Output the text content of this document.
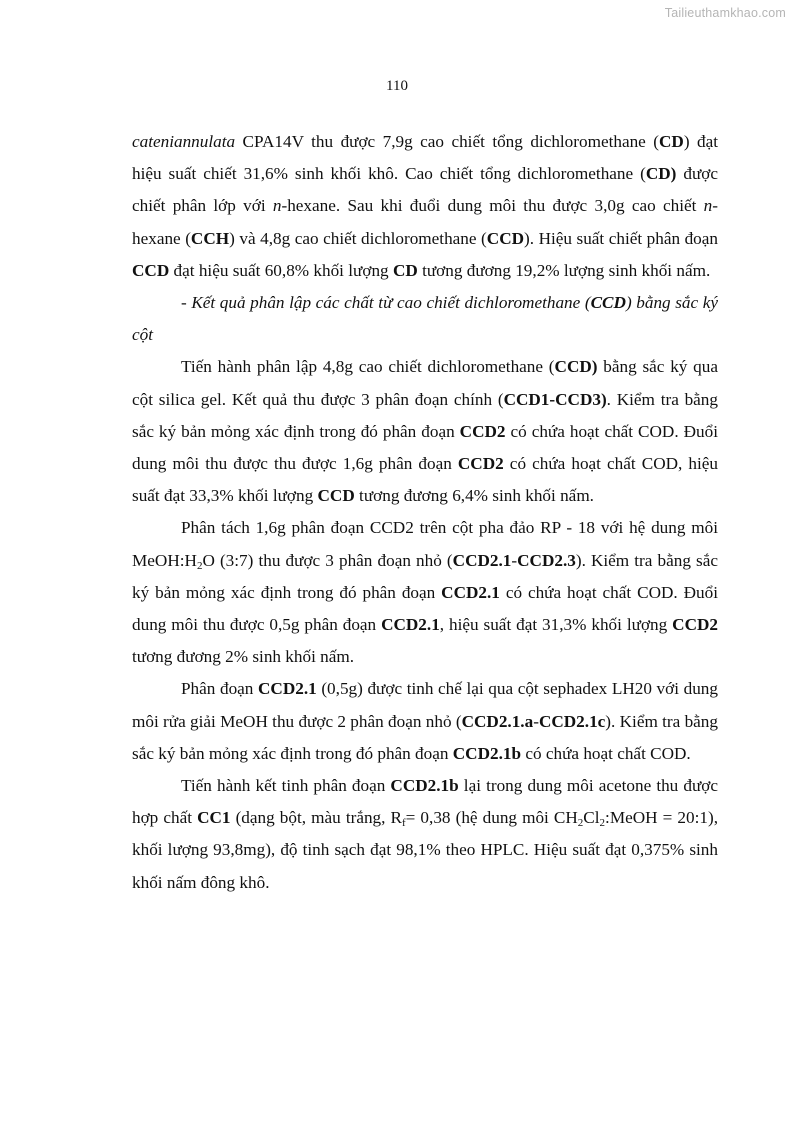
Tailieuthamkhao.com
110

cateniannulata CPA14V thu được 7,9g cao chiết tổng dichloromethane (CD) đạt hiệu suất chiết 31,6% sinh khối khô. Cao chiết tổng dichloromethane (CD) được chiết phân lớp với n-hexane. Sau khi đuổi dung môi thu được 3,0g cao chiết n-hexane (CCH) và 4,8g cao chiết dichloromethane (CCD). Hiệu suất chiết phân đoạn CCD đạt hiệu suất 60,8% khối lượng CD tương đương 19,2% lượng sinh khối nấm.

- Kết quả phân lập các chất từ cao chiết dichloromethane (CCD) bằng sắc ký cột

Tiến hành phân lập 4,8g cao chiết dichloromethane (CCD) bằng sắc ký qua cột silica gel. Kết quả thu được 3 phân đoạn chính (CCD1-CCD3). Kiểm tra bằng sắc ký bản mỏng xác định trong đó phân đoạn CCD2 có chứa hoạt chất COD. Đuổi dung môi thu được thu được 1,6g phân đoạn CCD2 có chứa hoạt chất COD, hiệu suất đạt 33,3% khối lượng CCD tương đương 6,4% sinh khối nấm.

Phân tách 1,6g phân đoạn CCD2 trên cột pha đảo RP - 18 với hệ dung môi $MeOH:H_2O$ (3:7) thu được 3 phân đoạn nhỏ (CCD2.1-CCD2.3). Kiểm tra bằng sắc ký bản mỏng xác định trong đó phân đoạn CCD2.1 có chứa hoạt chất COD. Đuổi dung môi thu được 0,5g phân đoạn CCD2.1, hiệu suất đạt 31,3% khối lượng CCD2 tương đương 2% sinh khối nấm.

Phân đoạn CCD2.1 (0,5g) được tinh chế lại qua cột sephadex LH20 với dung môi rửa giải MeOH thu được 2 phân đoạn nhỏ (CCD2.1.a-CCD2.1c). Kiểm tra bằng sắc ký bản mỏng xác định trong đó phân đoạn CCD2.1b có chứa hoạt chất COD.

Tiến hành kết tinh phân đoạn CCD2.1b lại trong dung môi acetone thu được hợp chất CC1 (dạng bột, màu trắng, $R_f= 0,38$ (hệ dung môi $CH_2Cl_2:MeOH$ = 20:1), khối lượng 93,8mg), độ tinh sạch đạt 98,1% theo HPLC. Hiệu suất đạt 0,375% sinh khối nấm đông khô.
